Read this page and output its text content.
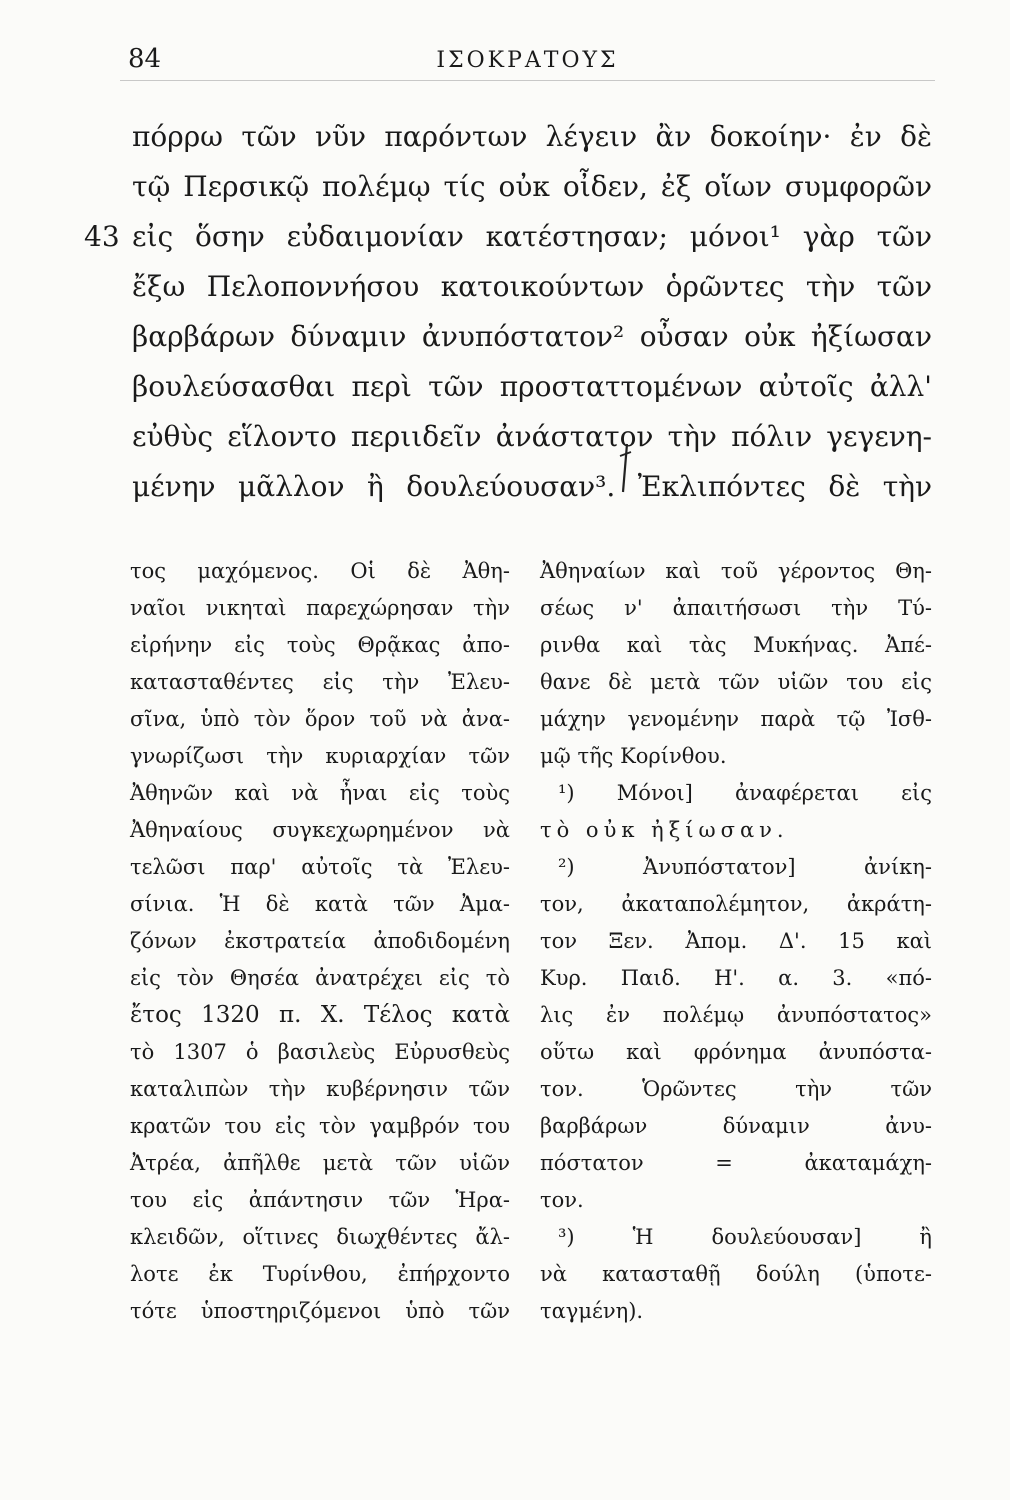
84	ΙΣΟΚΡΑΤΟΥΣ
πόρρω τῶν νῦν παρόντων λέγειν ἂν δοκοίην· ἐν δὲ
τῷ Περσικῷ πολέμῳ τίς οὐκ οἶδεν, ἐξ οἵων συμφορῶν
43 εἰς ὅσην εὐδαιμονίαν κατέστησαν; μόνοι¹ γὰρ τῶν
ἔξω Πελοποννήσου κατοικούντων ὁρῶντες τὴν τῶν
βαρβάρων δύναμιν ἀνυπόστατον² οὖσαν οὐκ ἠξίωσαν
βουλεύσασθαι περὶ τῶν προσταττομένων αὐτοῖς ἀλλ'
εὐθὺς εἵλοντο περιιδεῖν ἀνάστατον τὴν πόλιν γεγενη-
μένην μᾶλλον ἢ δουλεύουσαν³. Ἐκλιπόντες δὲ τὴν
τος μαχόμενος. Οἱ δὲ Ἀθη-
ναῖοι νικηταὶ παρεχώρησαν τὴν
εἰρήνην εἰς τοὺς Θρᾷκας ἀπο-
κατασταθέντες εἰς τὴν Ἐλευ-
σῖνα, ὑπὸ τὸν ὅρον τοῦ νὰ ἀνα-
γνωρίζωσι τὴν κυριαρχίαν τῶν
Ἀθηνῶν καὶ νὰ ἦναι εἰς τοὺς
Ἀθηναίους συγκεχωρημένον νὰ
τελῶσι παρ' αὐτοῖς τὰ Ἐλευ-
σίνια. Ἡ δὲ κατὰ τῶν Ἀμα-
ζόνων ἐκστρατεία ἀποδιδομένη
εἰς τὸν Θησέα ἀνατρέχει εἰς τὸ
ἔτος 1320 π. Χ. Τέλος κατὰ
τὸ 1307 ὁ βασιλεὺς Εὐρυσθεὺς
καταλιπὼν τὴν κυβέρνησιν τῶν
κρατῶν του εἰς τὸν γαμβρόν του
Ἀτρέα, ἀπῆλθε μετὰ τῶν υἱῶν
του εἰς ἀπάντησιν τῶν Ἡρα-
κλειδῶν, οἵτινες διωχθέντες ἄλ-
λοτε ἐκ Τυρίνθου, ἐπήρχοντο
τότε ὑποστηριζόμενοι ὑπὸ τῶν
Ἀθηναίων καὶ τοῦ γέροντος Θη-
σέως ν' ἀπαιτήσωσι τὴν Τύ-
ρινθα καὶ τὰς Μυκήνας. Ἀπέ-
θανε δὲ μετὰ τῶν υἱῶν του εἰς
μάχην γενομένην παρὰ τῷ Ἰσθ-
μῷ τῆς Κορίνθου.
¹) Μόνοι] ἀναφέρεται εἰς
τὸ οὐκ ἠξίωσαν.
²) Ἀνυπόστατον] ἀνίκη-
τον, ἀκαταπολέμητον, ἀκράτη-
τον Ξεν. Ἀπομ. Δ'. 15 καὶ
Κυρ. Παιδ. Η'. α. 3. «πό-
λις ἐν πολέμῳ ἀνυπόστατος»
οὕτω καὶ φρόνημα ἀνυπόστα-
τον. Ὁρῶντες τὴν τῶν
βαρβάρων δύναμιν ἀνυ-
πόστατον = ἀκαταμάχη-
τον.
³) Ἡ δουλεύουσαν] ἢ
νὰ κατασταθῇ δούλη (ὑποτε-
ταγμένη).
